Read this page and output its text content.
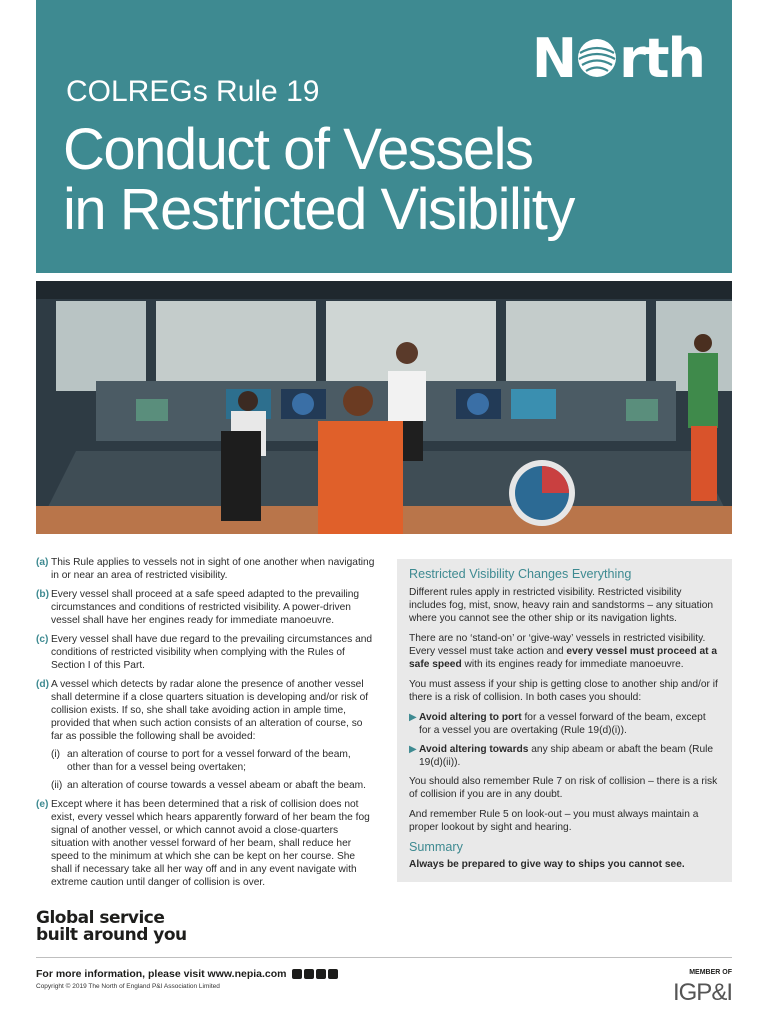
N rth
COLREGs Rule 19
Conduct of Vessels
in Restricted Visibility
(a) This Rule applies to vessels not in sight of one another when navigating in or near an area of restricted visibility.
(b) Every vessel shall proceed at a safe speed adapted to the prevailing circumstances and conditions of restricted visibility. A power-driven vessel shall have her engines ready for immediate manoeuvre.
(c) Every vessel shall have due regard to the prevailing circumstances and conditions of restricted visibility when complying with the Rules of Section I of this Part.
(d) A vessel which detects by radar alone the presence of another vessel shall determine if a close quarters situation is developing and/or risk of collision exists. If so, she shall take avoiding action in ample time, provided that when such action consists of an alteration of course, so far as possible the following shall be avoided:
(i) an alteration of course to port for a vessel forward of the beam, other than for a vessel being overtaken;
(ii) an alteration of course towards a vessel abeam or abaft the beam.
(e) Except where it has been determined that a risk of collision does not exist, every vessel which hears apparently forward of her beam the fog signal of another vessel, or which cannot avoid a close-quarters situation with another vessel forward of her beam, shall reduce her speed to the minimum at which she can be kept on her course. She shall if necessary take all her way off and in any event navigate with extreme caution until danger of collision is over.
Restricted Visibility Changes Everything

Different rules apply in restricted visibility. Restricted visibility includes fog, mist, snow, heavy rain and sandstorms – any situation where you cannot see the other ship or its navigation lights.

There are no ‘stand-on’ or ‘give-way’ vessels in restricted visibility. Every vessel must take action and every vessel must proceed at a safe speed with its engines ready for immediate manoeuvre.

You must assess if your ship is getting close to another ship and/or if there is a risk of collision. In both cases you should:

▶ Avoid altering to port for a vessel forward of the beam, except for a vessel you are overtaking (Rule 19(d)(i)).
▶ Avoid altering towards any ship abeam or abaft the beam (Rule 19(d)(ii)).

You should also remember Rule 7 on risk of collision – there is a risk of collision if you are in any doubt.

And remember Rule 5 on look-out – you must always maintain a proper lookout by sight and hearing.

Summary

Always be prepared to give way to ships you cannot see.

Global service
built around you
For more information, please visit www.nepia.com
Copyright © 2019 The North of England P&I Association Limited
MEMBER OF
IGP&I
